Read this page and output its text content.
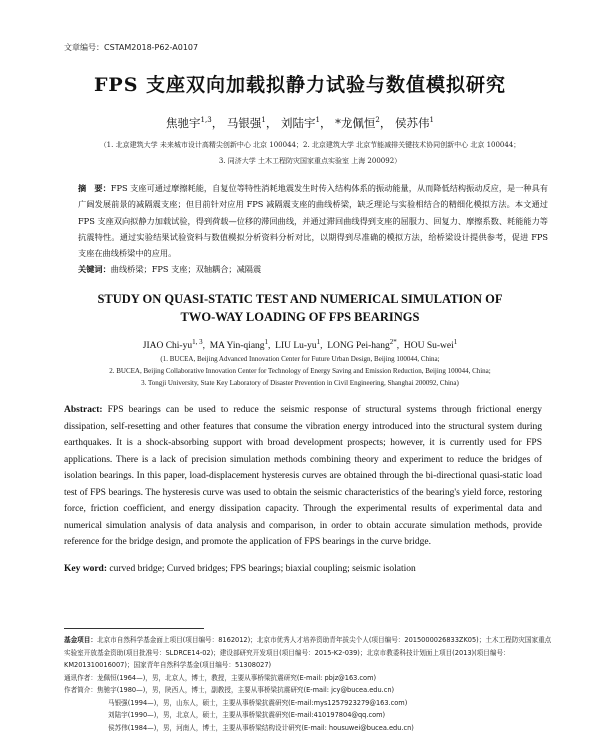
文章编号：CSTAM2018-P62-A0107
FPS 支座双向加载拟静力试验与数值模拟研究
焦驰宇$^{1,3}$， 马银强$^1$， 刘陆宇$^1$， *龙佩恒$^2$， 侯苏伟$^1$
（1. 北京建筑大学 未来城市设计高精尖创新中心 北京 100044；2. 北京建筑大学 北京节能减排关键技术协同创新中心 北京 100044；
3. 同济大学 土木工程防灾国家重点实验室 上海 200092）
摘　要：FPS 支座可通过摩擦耗能，自复位等特性消耗地震发生时传入结构体系的振动能量，从而降低结构振动反应，是一种具有广阔发展前景的减隔震支座；但目前针对应用 FPS 减隔震支座的曲线桥梁，缺乏理论与实验相结合的精细化模拟方法。本文通过 FPS 支座双向拟静力加载试验，得到荷载—位移的滞回曲线，并通过滞回曲线得到支座的屈服力、回复力、摩擦系数、耗能能力等抗震特性。通过实验结果试验资料与数值模拟分析资料分析对比，以期得到尽准确的模拟方法，给桥梁设计提供参考，促进 FPS 支座在曲线桥梁中的应用。
关键词：曲线桥梁；FPS 支座；双轴耦合；减隔震
STUDY ON QUASI-STATIC TEST AND NUMERICAL SIMULATION OF
TWO-WAY LOADING OF FPS BEARINGS
JIAO Chi-yu$^{1, 3}$,  MA Yin-qiang$^1$,  LIU $Lu-yu^1$,  LONG Pei-hang$^{2*}$,  HOU Su-wei$^1$
(1. BUCEA, Beijing Advanced Innovation Center for Future Urban Design, Beijing 100044, China;
2. BUCEA, Beijing Collaborative Innovation Center for Technology of Energy Saving and Emission Reduction, Beijing 100044, China;
3. Tongji University, State Key Laboratory of Disaster Prevention in Civil Engineering, Shanghai 200092, China)
Abstract: FPS bearings can be used to reduce the seismic response of structural systems through frictional energy dissipation, self-resetting and other features that consume the vibration energy introduced into the structural system during earthquakes. It is a shock-absorbing support with broad development prospects; however, it is currently used for FPS applications. There is a lack of precision simulation methods combining theory and experiment to reduce the bridges of isolation bearings. In this paper, load-displacement hysteresis curves are obtained through the bi-directional quasi-static load test of FPS bearings. The hysteresis curve was used to obtain the seismic characteristics of the bearing's yield force, restoring force, friction coefficient, and energy dissipation capacity. Through the experimental results of experimental data and numerical simulation analysis of data analysis and comparison, in order to obtain accurate simulation methods, provide reference for the bridge design, and promote the application of FPS bearings in the curve bridge.
Key word: curved bridge; Curved bridges; FPS bearings; biaxial coupling; seismic isolation
基金项目：北京市自然科学基金面上项目(项目编号：8162012)；北京市优秀人才培养资助青年拔尖个人(项目编号：2015000026833ZK05)；土木工程防灾国家重点实验室开放基金资助(项目批准号：SLDRCE14-02)；建设部研究开发项目(项目编号：2015-K2-039)；北京市教委科技计划面上项目(2013)(项目编号：KM201310016007)；国家青年自然科学基金(项目编号：51308027)
通讯作者：龙佩恒(1964—)，男，北京人，博士，教授，主要从事桥梁抗震研究(E-mail: pbjz@163.com)
作者简介：焦驰宇(1980—)，男，陕西人，博士，副教授，主要从事桥梁抗震研究(E-mail: jcy@bucea.edu.cn)
马银强(1994—)，男，山东人，硕士，主要从事桥梁抗震研究(E-mail:mys1257923279@163.com)
刘陆宇(1990—)，男，北京人，硕士，主要从事桥梁抗震研究(E-mail:410197804@qq.com)
侯苏伟(1984—)，男，河南人，博士，主要从事桥梁结构设计研究(E-mail: housuwei@bucea.edu.cn)
